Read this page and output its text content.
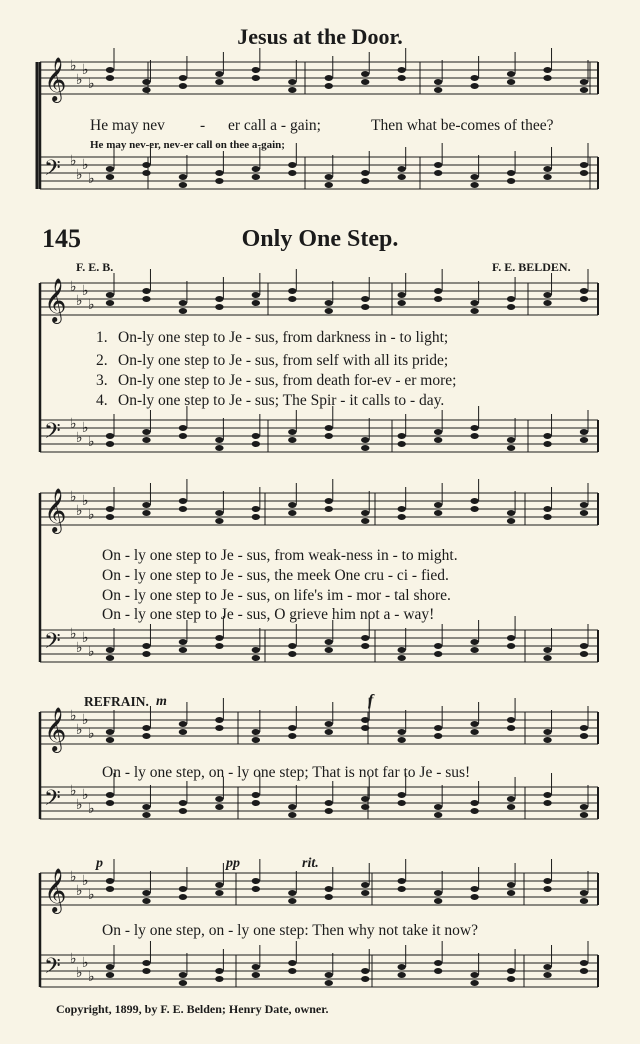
𝄞 ♭
♭
♭
♭
𝄢 ♭
♭
♭
♭
𝄞 ♭
♭
♭
♭
𝄢 ♭
♭
♭
♭
𝄞 ♭
♭
♭
♭
𝄢 ♭
♭
♭
♭
𝄞 ♭
♭
♭
♭
𝄢 ♭
♭
♭
♭
𝄞 ♭
♭
♭
♭
𝄢 ♭
♭
♭
♭
Jesus at the Door.
He may nev - er call a - gain;	Then what be-comes of thee?
He may nev-er, nev-er call on thee a-gain;
145	Only One Step.
F. E. B.	F. E. BELDEN.
1. On-ly one step to Je - sus, from darkness in - to light;
2. On-ly one step to Je - sus, from self with all its pride;
3. On-ly one step to Je - sus, from death for-ev - er more;
4. On-ly one step to Je - sus; The Spir - it calls to - day.
On - ly one step to Je - sus, from weak-ness in - to might.
On - ly one step to Je - sus, the meek One cru - ci - fied.
On - ly one step to Je - sus, on life's im - mor - tal shore.
On - ly one step to Je - sus, O grieve him not a - way!
REFRAIN. m	f
On - ly one step, on - ly one step; That is not far to Je - sus!
p	pp	rit.
On - ly one step, on - ly one step: Then why not take it now?
Copyright, 1899, by F. E. Belden; Henry Date, owner.
